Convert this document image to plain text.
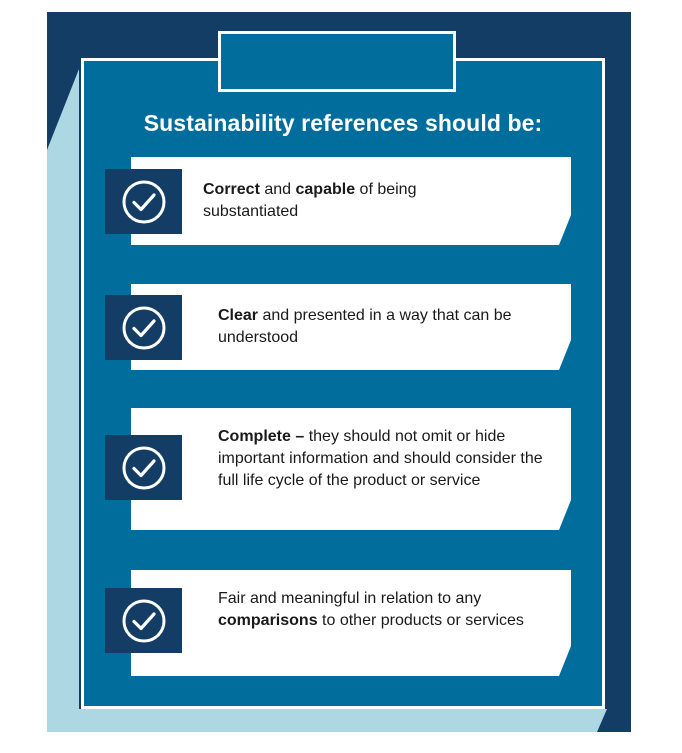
Sustainability references should be:

Correct and capable of being substantiated

Clear and presented in a way that can be understood

Complete – they should not omit or hide important information and should consider the full life cycle of the product or service

Fair and meaningful in relation to any comparisons to other products or services
